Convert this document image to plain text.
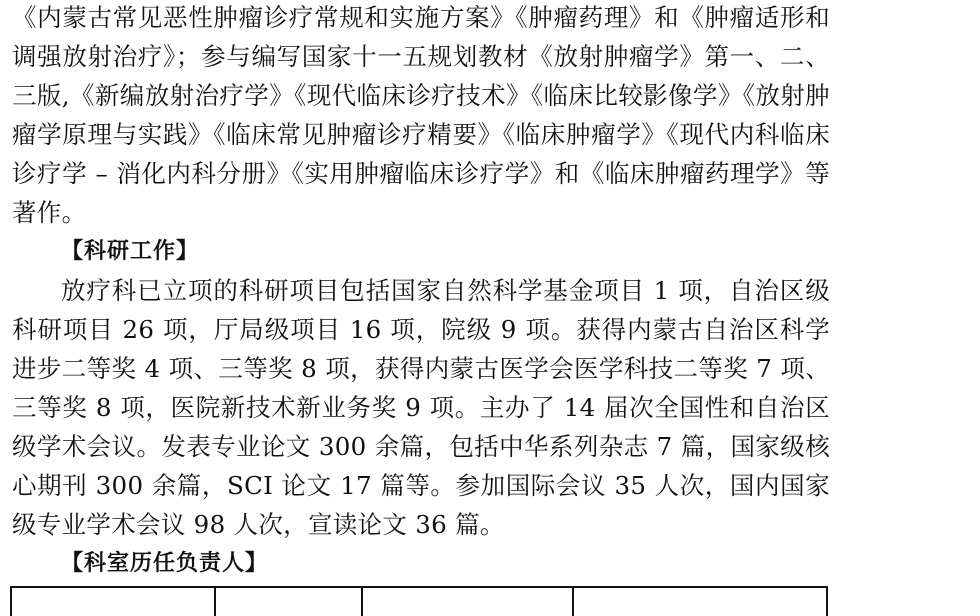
《内蒙古常见恶性肿瘤诊疗常规和实施方案》《肿瘤药理》和《肿瘤适形和调强放射治疗》；参与编写国家十一五规划教材《放射肿瘤学》第一、二、三版,《新编放射治疗学》《现代临床诊疗技术》《临床比较影像学》《放射肿瘤学原理与实践》《临床常见肿瘤诊疗精要》《临床肿瘤学》《现代内科临床诊疗学 – 消化内科分册》《实用肿瘤临床诊疗学》和《临床肿瘤药理学》等著作。

【科研工作】

放疗科已立项的科研项目包括国家自然科学基金项目 1 项，自治区级科研项目 26 项，厅局级项目 16 项，院级 9 项。获得内蒙古自治区科学进步二等奖 4 项、三等奖 8 项，获得内蒙古医学会医学科技二等奖 7 项、三等奖 8 项，医院新技术新业务奖 9 项。主办了 14 届次全国性和自治区级学术会议。发表专业论文 300 余篇，包括中华系列杂志 7 篇，国家级核心期刊 300 余篇，SCI 论文 17 篇等。参加国际会议 35 人次，国内国家级专业学术会议 98 人次，宣读论文 36 篇。

【科室历任负责人】
